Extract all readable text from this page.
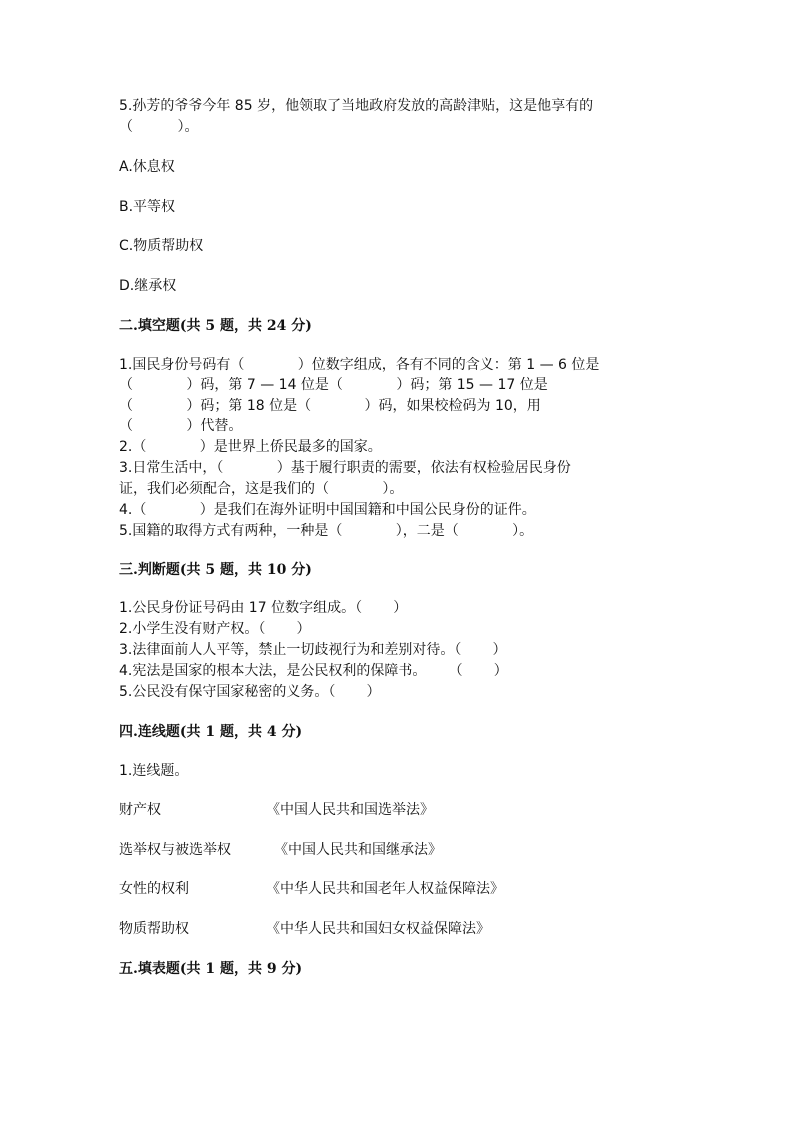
5.孙芳的爷爷今年 85 岁，他领取了当地政府发放的高龄津贴，这是他享有的
（          ）。
A.休息权
B.平等权
C.物质帮助权
D.继承权
二.填空题(共 5 题，共 24 分)
1.国民身份号码有（            ）位数字组成，各有不同的含义：第 1 — 6 位是
（            ）码，第 7 — 14 位是（            ）码；第 15 — 17 位是
（            ）码；第 18 位是（            ）码，如果校检码为 10，用
（            ）代替。
2.（            ）是世界上侨民最多的国家。
3.日常生活中，（            ）基于履行职责的需要，依法有权检验居民身份
证，我们必须配合，这是我们的（            ）。
4.（            ）是我们在海外证明中国国籍和中国公民身份的证件。
5.国籍的取得方式有两种，一种是（            ），二是（            ）。
三.判断题(共 5 题，共 10 分)
1.公民身份证号码由 17 位数字组成。（       ）
2.小学生没有财产权。（       ）
3.法律面前人人平等，禁止一切歧视行为和差别对待。（       ）
4.宪法是国家的根本大法，是公民权利的保障书。     （       ）
5.公民没有保守国家秘密的义务。（       ）
四.连线题(共 1 题，共 4 分)
1.连线题。
财产权	《中国人民共和国选举法》
选举权与被选举权	《中国人民共和国继承法》
女性的权利	《中华人民共和国老年人权益保障法》
物质帮助权	《中华人民共和国妇女权益保障法》
五.填表题(共 1 题，共 9 分)
